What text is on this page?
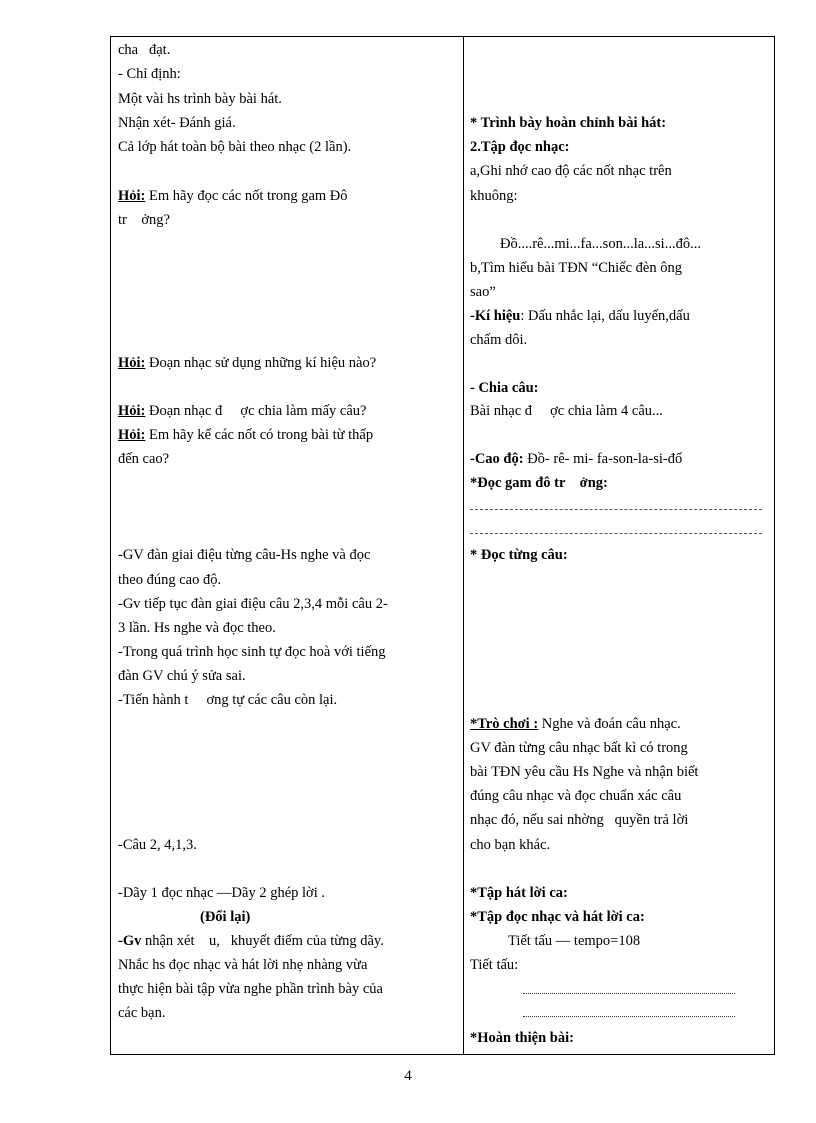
cha   đạt.
- Chỉ định:
Một vài hs trình bày bài hát.
Nhận xét- Đánh giá.
Cả lớp hát toàn bộ bài theo nhạc (2 lần).
Hỏi: Em hãy đọc các nốt trong gam Đô
tr    ởng?
Hỏi: Đoạn nhạc sử dụng những kí hiệu nào?
Hỏi: Đoạn nhạc đ     ợc chia làm mấy câu?
Hỏi: Em hãy kể các nốt có trong bài từ thấp
đến cao?
-GV đàn giai điệu từng câu-Hs nghe và đọc
theo đúng cao độ.
-Gv tiếp tục đàn giai điệu câu 2,3,4 mỗi câu 2-
3 lần. Hs nghe và đọc theo.
-Trong quá trình học sinh tự đọc hoà với tiếng
đàn GV chú ý sửa sai.
-Tiến hành t     ơng tự các câu còn lại.
-Câu 2, 4,1,3.
-Dãy 1 đọc nhạc —Dãy 2 ghép lời .
(Đổi lại)
-Gv nhận xét    u,   khuyết điểm của từng dãy.
Nhắc hs đọc nhạc và hát lời nhẹ nhàng vừa
thực hiện bài tập vừa nghe phần trình bày của
các bạn.
* Trình bày hoàn chỉnh bài hát:
2.Tập đọc nhạc:
a,Ghi nhớ cao độ các nốt nhạc trên
khuông:
Đồ....rê...mi...fa...son...la...si...đô...
b,Tìm hiểu bài TĐN “Chiếc đèn ông
sao”
-Kí hiệu: Dấu nhắc lại, dấu luyến,dấu
chấm dôi.
- Chia câu:
Bài nhạc đ     ợc chia làm 4 câu...
-Cao độ: Đồ- rê- mi- fa-son-la-si-đố
*Đọc gam đô tr    ởng:
* Đọc từng câu:
*Trò chơi : Nghe và đoán câu nhạc.
GV đàn từng câu nhạc bất kì có trong
bài TĐN yêu cầu Hs Nghe và nhận biết
đúng câu nhạc và đọc chuẩn xác câu
nhạc đó, nếu sai nhờng   quyền trả lời
cho bạn khác.
*Tập hát lời ca:
*Tập đọc nhạc và hát lời ca:
Tiết tấu — tempo=108
Tiết tấu:
*Hoàn thiện bài:
4
